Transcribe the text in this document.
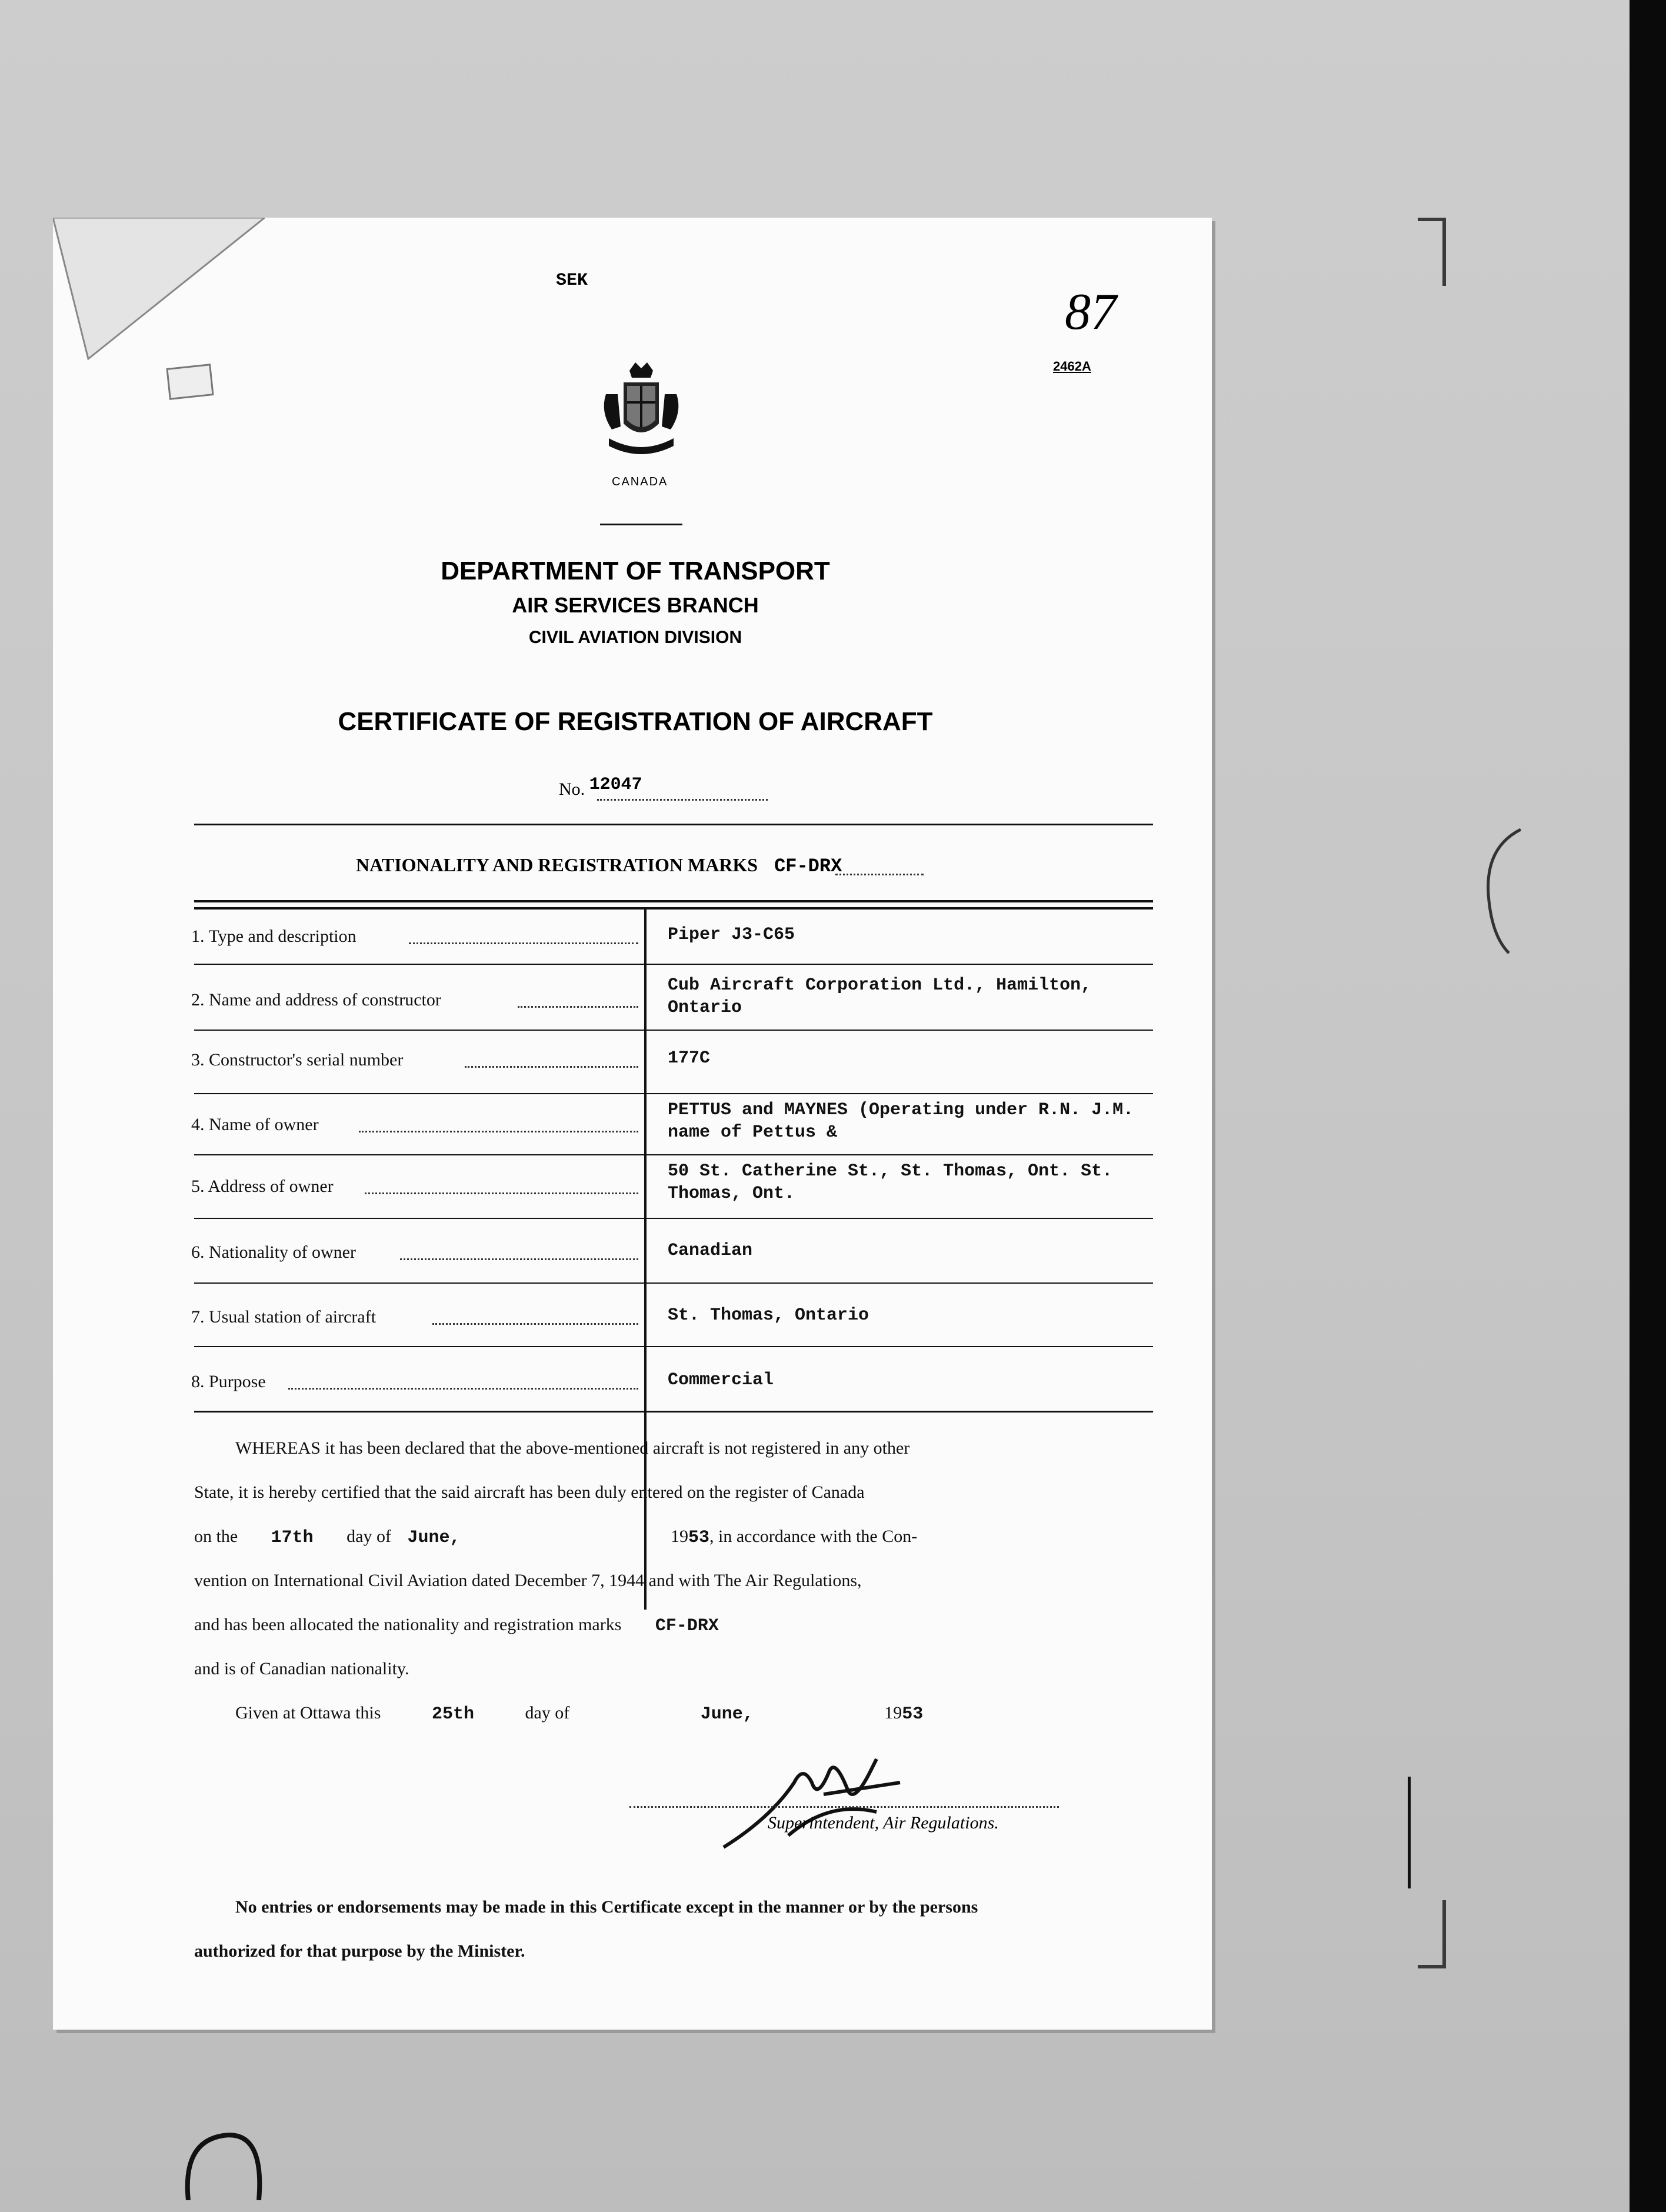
SEK
87
2462A
CANADA
DEPARTMENT OF TRANSPORT
AIR SERVICES BRANCH
CIVIL AVIATION DIVISION
CERTIFICATE OF REGISTRATION OF AIRCRAFT
No. 12047
NATIONALITY AND REGISTRATION MARKS CF-DRX
1. Type and description	Piper J3-C65
2. Name and address of constructor
Cub Aircraft Corporation Ltd., Hamilton, Ontario
3. Constructor's serial number	177C
4. Name of owner
PETTUS and MAYNES (Operating under R.N. J.M. name of Pettus &
5. Address of owner
50 St. Catherine St., St. Thomas, Ont. St. Thomas, Ont.
6. Nationality of owner	Canadian
7. Usual station of aircraft	St. Thomas, Ontario
8. Purpose	Commercial
WHEREAS it has been declared that the above-mentioned aircraft is not registered in any other
State, it is hereby certified that the said aircraft has been duly entered on the register of Canada
on the 17th day of June,	1953, in accordance with the Con-
vention on International Civil Aviation dated December 7, 1944 and with The Air Regulations,
and has been allocated the nationality and registration marks CF-DRX
and is of Canadian nationality.
Given at Ottawa this	25th	day of	June,	1953
Superintendent, Air Regulations.
No entries or endorsements may be made in this Certificate except in the manner or by the persons
authorized for that purpose by the Minister.
